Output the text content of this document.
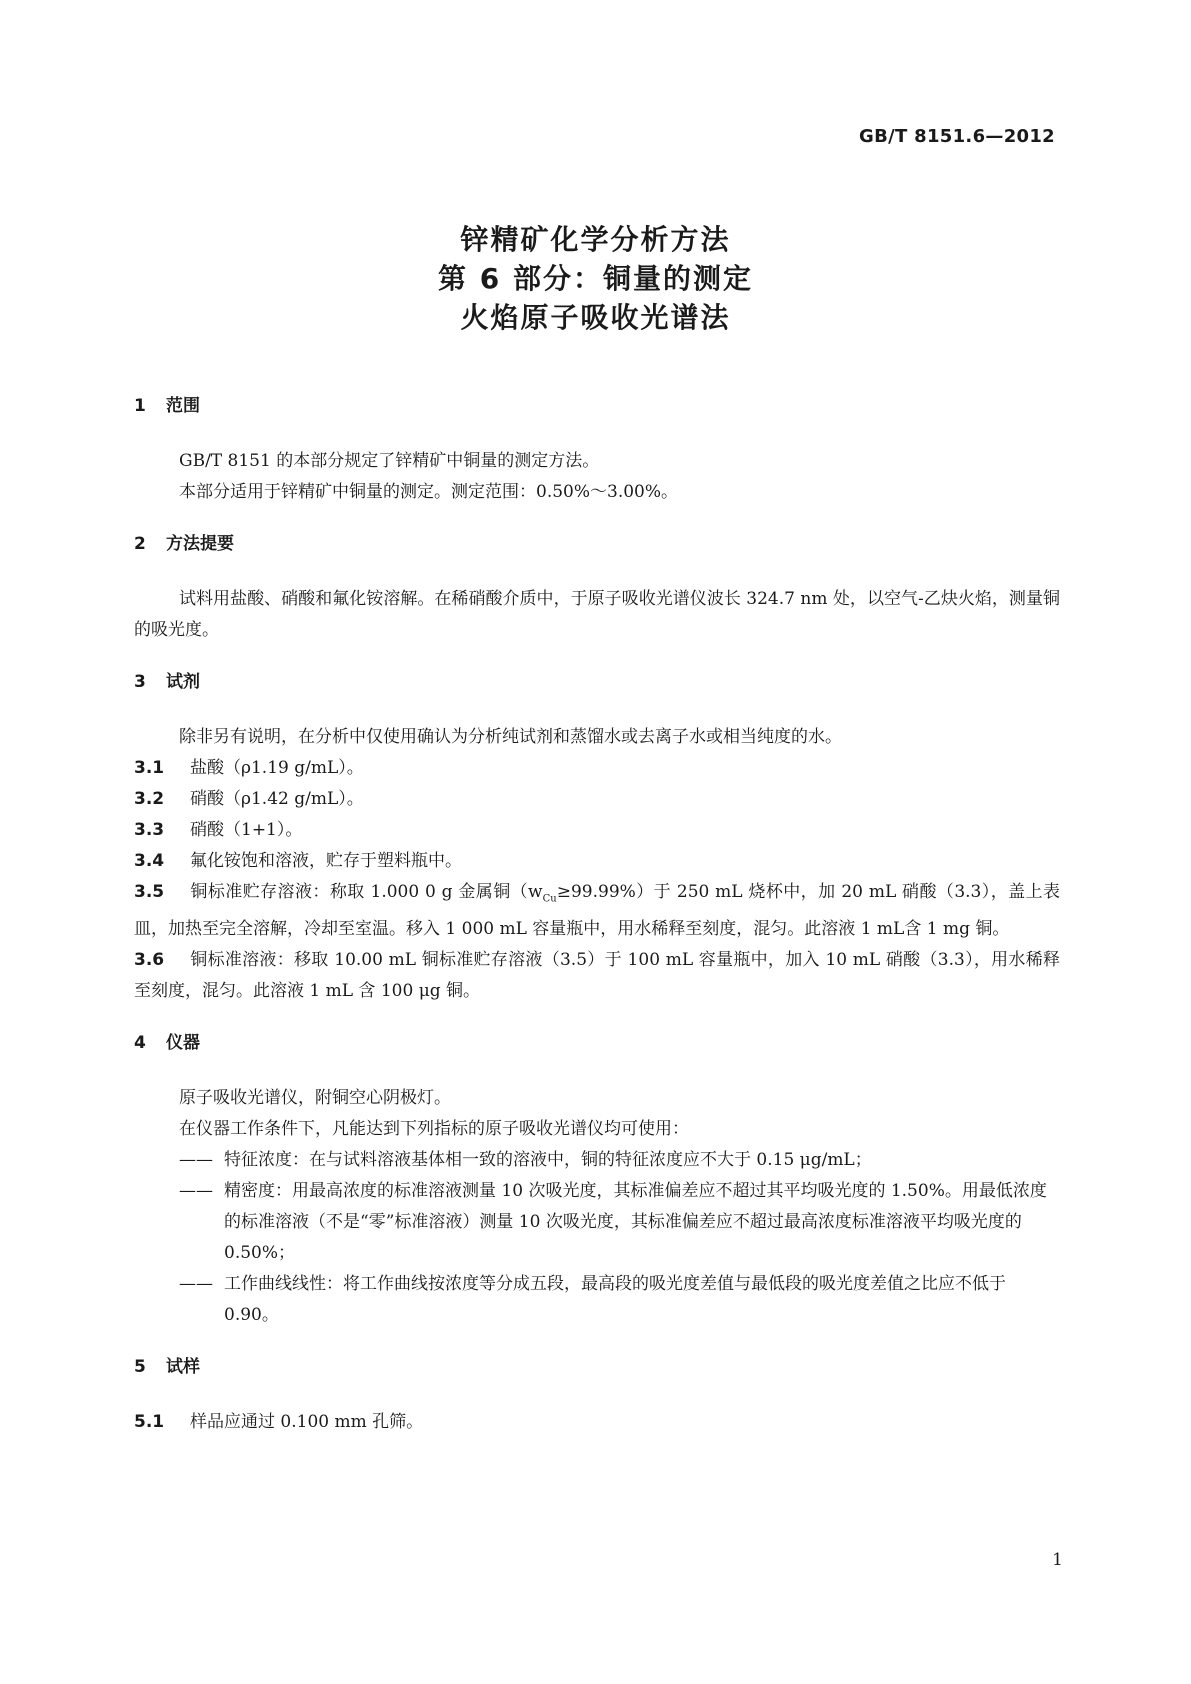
GB/T 8151.6—2012
锌精矿化学分析方法
第 6 部分：铜量的测定
火焰原子吸收光谱法
1 范围

GB/T 8151 的本部分规定了锌精矿中铜量的测定方法。

本部分适用于锌精矿中铜量的测定。测定范围：0.50%～3.00%。

2 方法提要

试料用盐酸、硝酸和氟化铵溶解。在稀硝酸介质中，于原子吸收光谱仪波长 324.7 nm 处，以空气-乙炔火焰，测量铜的吸光度。

3 试剂

除非另有说明，在分析中仅使用确认为分析纯试剂和蒸馏水或去离子水或相当纯度的水。

3.1 盐酸（ρ1.19 g/mL）。

3.2 硝酸（ρ1.42 g/mL）。

3.3 硝酸（1+1）。

3.4 氟化铵饱和溶液，贮存于塑料瓶中。

3.5 铜标准贮存溶液：称取 1.000 0 g 金属铜$(w_{Cu}\ge 99.99\%)$于 250 mL 烧杯中，加 20 mL 硝酸（3.3），盖上表皿，加热至完全溶解，冷却至室温。移入 1 000 mL 容量瓶中，用水稀释至刻度，混匀。此溶液 1 mL含 1 mg 铜。

3.6 铜标准溶液：移取 10.00 mL 铜标准贮存溶液（3.5）于 100 mL 容量瓶中，加入 10 mL 硝酸（3.3），用水稀释至刻度，混匀。此溶液 1 mL 含 100 μg 铜。

4 仪器

原子吸收光谱仪，附铜空心阴极灯。

在仪器工作条件下，凡能达到下列指标的原子吸收光谱仪均可使用：

—— 特征浓度：在与试料溶液基体相一致的溶液中，铜的特征浓度应不大于 0.15 μg/mL；

—— 精密度：用最高浓度的标准溶液测量 10 次吸光度，其标准偏差应不超过其平均吸光度的 1.50%。用最低浓度的标准溶液（不是“零”标准溶液）测量 10 次吸光度，其标准偏差应不超过最高浓度标准溶液平均吸光度的 0.50%；

—— 工作曲线线性：将工作曲线按浓度等分成五段，最高段的吸光度差值与最低段的吸光度差值之比应不低于 0.90。

5 试样

5.1 样品应通过 0.100 mm 孔筛。

1
